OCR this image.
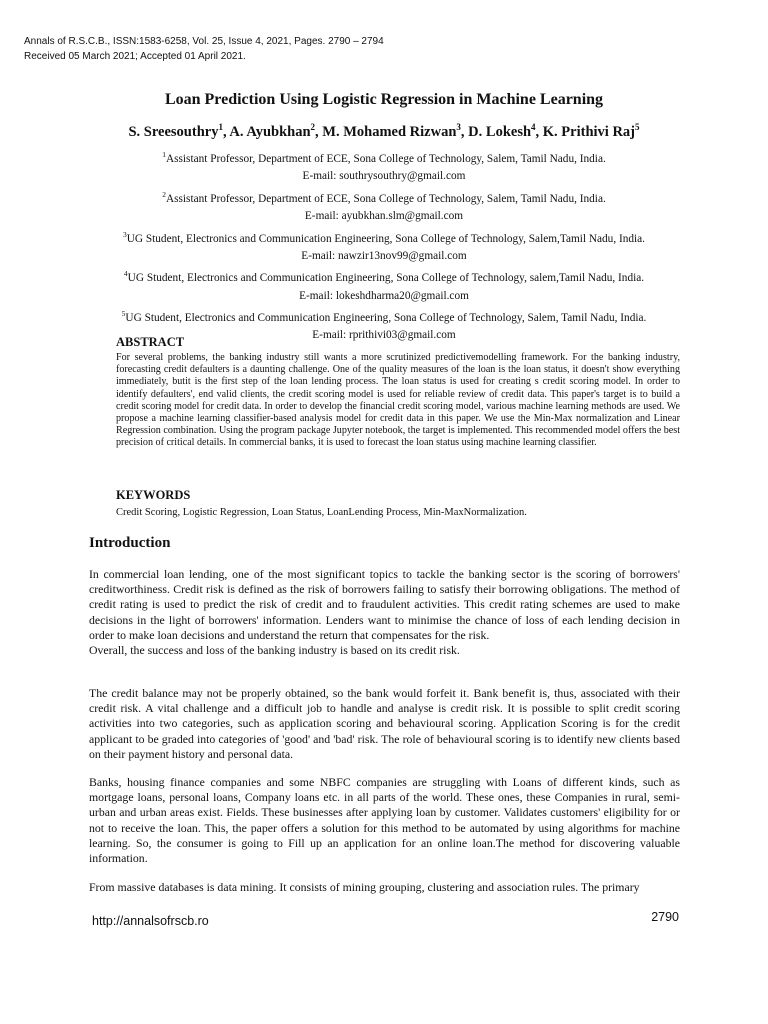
Annals of R.S.C.B., ISSN:1583-6258, Vol. 25, Issue 4, 2021, Pages. 2790 – 2794
Received 05 March 2021; Accepted 01 April 2021.
Loan Prediction Using Logistic Regression in Machine Learning
S. Sreesouthry$^1$, A. Ayubkhan$^2$, M. Mohamed Rizwan$^3$, D. Lokesh$^4$, K. Prithivi Raj$^5$
$^1$Assistant Professor, Department of ECE, Sona College of Technology, Salem, Tamil Nadu, India.
E-mail: southrysouthry@gmail.com
$^2$Assistant Professor, Department of ECE, Sona College of Technology, Salem, Tamil Nadu, India.
E-mail: ayubkhan.slm@gmail.com
$^3$UG Student, Electronics and Communication Engineering, Sona College of Technology, Salem,Tamil Nadu, India.
E-mail: nawzir13nov99@gmail.com
$^4$UG Student, Electronics and Communication Engineering, Sona College of Technology, salem,Tamil Nadu, India.
E-mail: lokeshdharma20@gmail.com
$^5$UG Student, Electronics and Communication Engineering, Sona College of Technology, Salem, Tamil Nadu, India.
E-mail: rprithivi03@gmail.com
ABSTRACT
For several problems, the banking industry still wants a more scrutinized predictivemodelling framework. For the banking industry, forecasting credit defaulters is a daunting challenge. One of the quality measures of the loan is the loan status, it doesn't show everything immediately, butit is the first step of the loan lending process. The loan status is used for creating s credit scoring model. In order to identify defaulters', end valid clients, the credit scoring model is used for reliable review of credit data. This paper's target is to build a credit scoring model for credit data. In order to develop the financial credit scoring model, various machine learning methods are used. We propose a machine learning classifier-based analysis model for credit data in this paper. We use the Min-Max normalization and Linear Regression combination. Using the program package Jupyter notebook, the target is implemented. This recommended model offers the best precision of critical details. In commercial banks, it is used to forecast the loan status using machine learning classifier.
KEYWORDS
Credit Scoring, Logistic Regression, Loan Status, LoanLending Process, Min-MaxNormalization.
Introduction

In commercial loan lending, one of the most significant topics to tackle the banking sector is the scoring of borrowers' creditworthiness. Credit risk is defined as the risk of borrowers failing to satisfy their borrowing obligations. The method of credit rating is used to predict the risk of credit and to fraudulent activities. This credit rating schemes are used to make decisions in the light of borrowers' information. Lenders want to minimise the chance of loss of each lending decision in order to make loan decisions and understand the return that compensates for the risk.

Overall, the success and loss of the banking industry is based on its credit risk.

The credit balance may not be properly obtained, so the bank would forfeit it. Bank benefit is, thus, associated with their credit risk. A vital challenge and a difficult job to handle and analyse is credit risk. It is possible to split credit scoring activities into two categories, such as application scoring and behavioural scoring. Application Scoring is for the credit applicant to be graded into categories of 'good' and 'bad' risk. The role of behavioural scoring is to identify new clients based on their payment history and personal data.

Banks, housing finance companies and some NBFC companies are struggling with Loans of different kinds, such as mortgage loans, personal loans, Company loans etc. in all parts of the world. These ones, these Companies in rural, semi-urban and urban areas exist. Fields. These businesses after applying loan by customer. Validates customers' eligibility for or not to receive the loan. This, the paper offers a solution for this method to be automated by using algorithms for machine learning. So, the consumer is going to Fill up an application for an online loan.The method for discovering valuable information.

From massive databases is data mining. It consists of mining grouping, clustering and association rules. The primary

http://annalsofrscb.ro	2790
